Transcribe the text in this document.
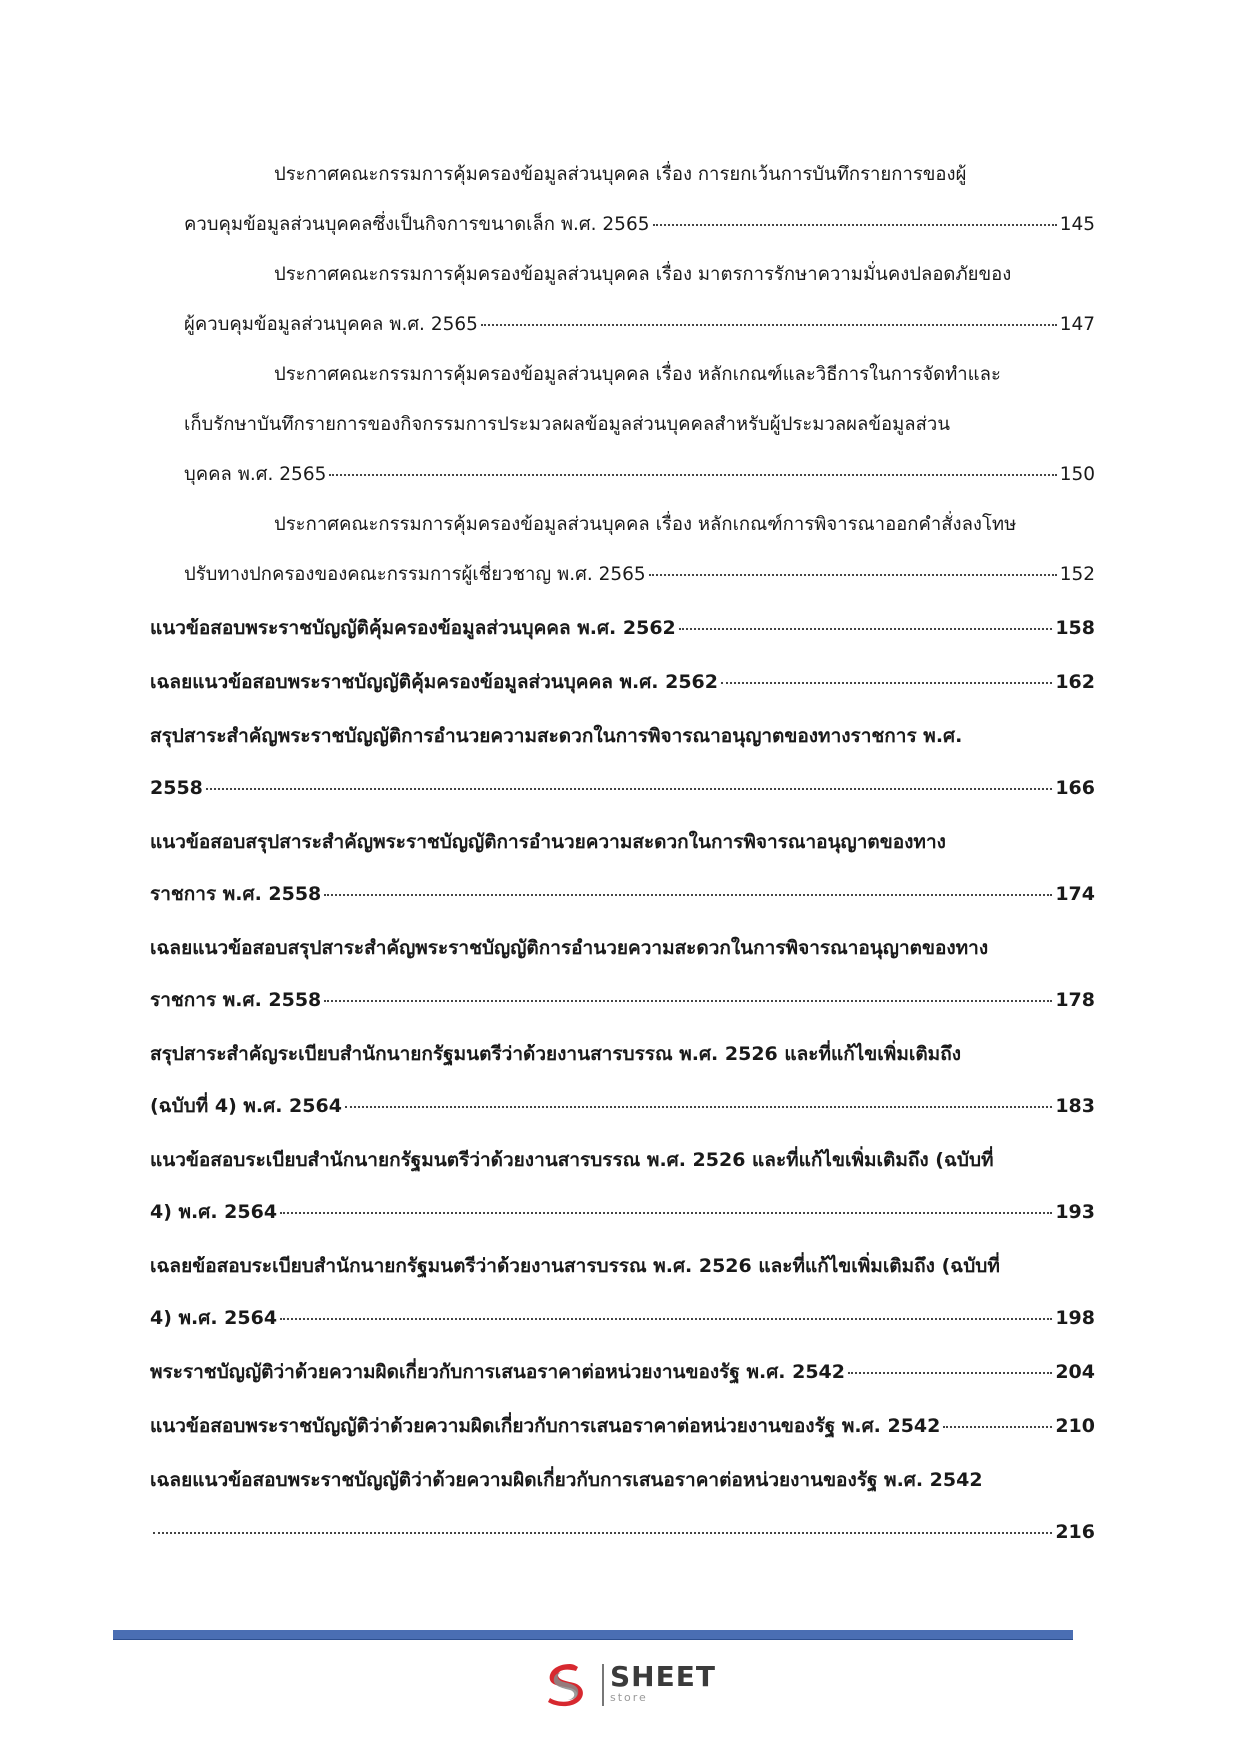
ประกาศคณะกรรมการคุ้มครองข้อมูลส่วนบุคคล เรื่อง การยกเว้นการบันทึกรายการของผู้
ควบคุมข้อมูลส่วนบุคคลซึ่งเป็นกิจการขนาดเล็ก พ.ศ. 2565	145
ประกาศคณะกรรมการคุ้มครองข้อมูลส่วนบุคคล เรื่อง มาตรการรักษาความมั่นคงปลอดภัยของ
ผู้ควบคุมข้อมูลส่วนบุคคล พ.ศ. 2565	147
ประกาศคณะกรรมการคุ้มครองข้อมูลส่วนบุคคล เรื่อง หลักเกณฑ์และวิธีการในการจัดทำและ
เก็บรักษาบันทึกรายการของกิจกรรมการประมวลผลข้อมูลส่วนบุคคลสำหรับผู้ประมวลผลข้อมูลส่วน
บุคคล พ.ศ. 2565	150
ประกาศคณะกรรมการคุ้มครองข้อมูลส่วนบุคคล เรื่อง หลักเกณฑ์การพิจารณาออกคำสั่งลงโทษ
ปรับทางปกครองของคณะกรรมการผู้เชี่ยวชาญ พ.ศ. 2565	152
แนวข้อสอบพระราชบัญญัติคุ้มครองข้อมูลส่วนบุคคล พ.ศ. 2562	158
เฉลยแนวข้อสอบพระราชบัญญัติคุ้มครองข้อมูลส่วนบุคคล พ.ศ. 2562	162
สรุปสาระสำคัญพระราชบัญญัติการอำนวยความสะดวกในการพิจารณาอนุญาตของทางราชการ พ.ศ.
2558	166
แนวข้อสอบสรุปสาระสำคัญพระราชบัญญัติการอำนวยความสะดวกในการพิจารณาอนุญาตของทาง
ราชการ พ.ศ. 2558	174
เฉลยแนวข้อสอบสรุปสาระสำคัญพระราชบัญญัติการอำนวยความสะดวกในการพิจารณาอนุญาตของทาง
ราชการ พ.ศ. 2558	178
สรุปสาระสำคัญระเบียบสำนักนายกรัฐมนตรีว่าด้วยงานสารบรรณ พ.ศ. 2526 และที่แก้ไขเพิ่มเติมถึง
(ฉบับที่ 4) พ.ศ. 2564	183
แนวข้อสอบระเบียบสำนักนายกรัฐมนตรีว่าด้วยงานสารบรรณ พ.ศ. 2526 และที่แก้ไขเพิ่มเติมถึง (ฉบับที่
4) พ.ศ. 2564	193
เฉลยข้อสอบระเบียบสำนักนายกรัฐมนตรีว่าด้วยงานสารบรรณ พ.ศ. 2526 และที่แก้ไขเพิ่มเติมถึง (ฉบับที่
4) พ.ศ. 2564	198
พระราชบัญญัติว่าด้วยความผิดเกี่ยวกับการเสนอราคาต่อหน่วยงานของรัฐ พ.ศ. 2542	204
แนวข้อสอบพระราชบัญญัติว่าด้วยความผิดเกี่ยวกับการเสนอราคาต่อหน่วยงานของรัฐ พ.ศ. 2542	210
เฉลยแนวข้อสอบพระราชบัญญัติว่าด้วยความผิดเกี่ยวกับการเสนอราคาต่อหน่วยงานของรัฐ พ.ศ. 2542
216
SHEET
store
